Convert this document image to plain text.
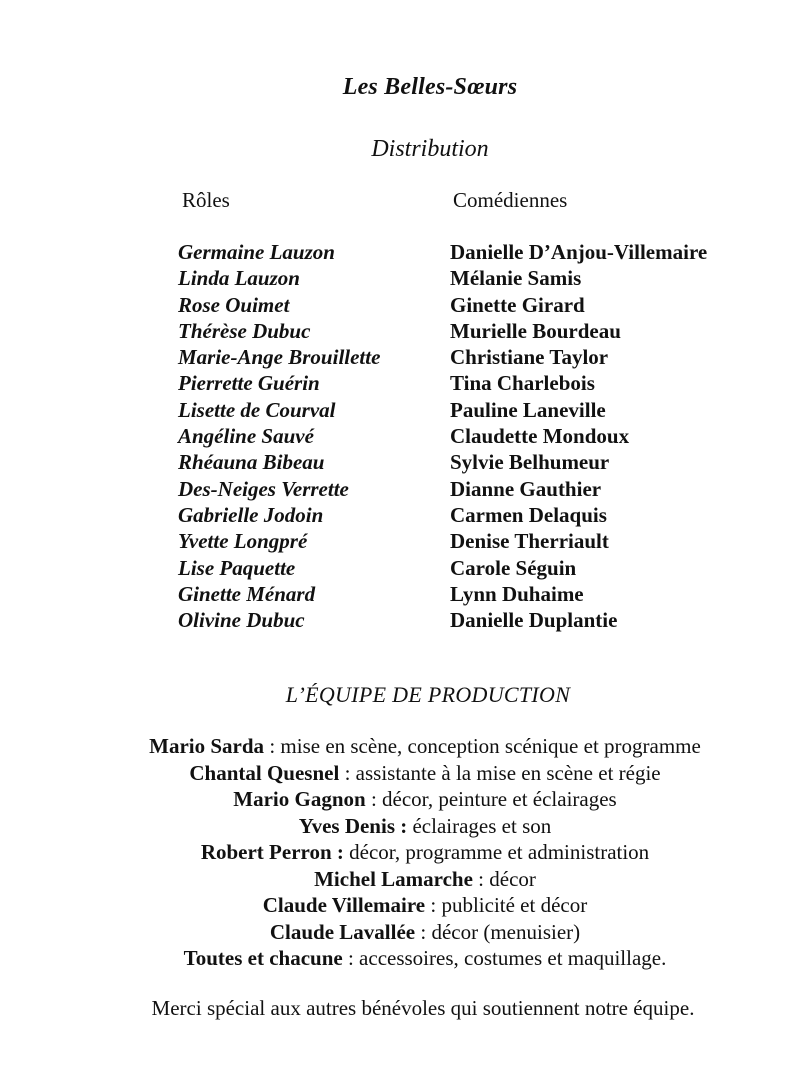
Les Belles-Sœurs
Distribution
Rôles	Comédiennes
Germaine Lauzon	Danielle D’Anjou-Villemaire
Linda Lauzon	Mélanie Samis
Rose Ouimet	Ginette Girard
Thérèse Dubuc	Murielle Bourdeau
Marie-Ange Brouillette	Christiane Taylor
Pierrette Guérin	Tina Charlebois
Lisette de Courval	Pauline Laneville
Angéline Sauvé	Claudette Mondoux
Rhéauna Bibeau	Sylvie Belhumeur
Des-Neiges Verrette	Dianne Gauthier
Gabrielle Jodoin	Carmen Delaquis
Yvette Longpré	Denise Therriault
Lise Paquette	Carole Séguin
Ginette Ménard	Lynn Duhaime
Olivine Dubuc	Danielle Duplantie
L’ÉQUIPE DE PRODUCTION
Mario Sarda : mise en scène, conception scénique et programme
Chantal Quesnel : assistante à la mise en scène et régie
Mario Gagnon : décor, peinture et éclairages
Yves Denis : éclairages et son
Robert Perron : décor, programme et administration
Michel Lamarche : décor
Claude Villemaire : publicité et décor
Claude Lavallée : décor (menuisier)
Toutes et chacune : accessoires, costumes et maquillage.
Merci spécial aux autres bénévoles qui soutiennent notre équipe.
